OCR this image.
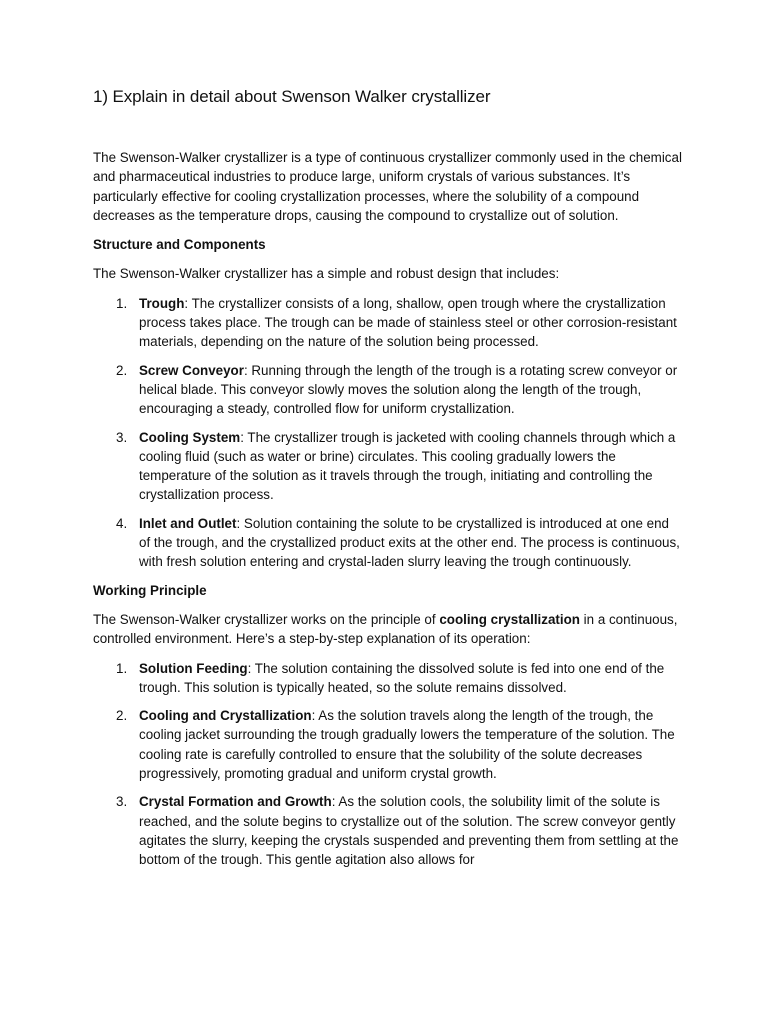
1) Explain in detail about Swenson Walker crystallizer

The Swenson-Walker crystallizer is a type of continuous crystallizer commonly used in the chemical and pharmaceutical industries to produce large, uniform crystals of various substances. It’s particularly effective for cooling crystallization processes, where the solubility of a compound decreases as the temperature drops, causing the compound to crystallize out of solution.

Structure and Components

The Swenson-Walker crystallizer has a simple and robust design that includes:

1. Trough: The crystallizer consists of a long, shallow, open trough where the crystallization process takes place. The trough can be made of stainless steel or other corrosion-resistant materials, depending on the nature of the solution being processed.
2. Screw Conveyor: Running through the length of the trough is a rotating screw conveyor or helical blade. This conveyor slowly moves the solution along the length of the trough, encouraging a steady, controlled flow for uniform crystallization.
3. Cooling System: The crystallizer trough is jacketed with cooling channels through which a cooling fluid (such as water or brine) circulates. This cooling gradually lowers the temperature of the solution as it travels through the trough, initiating and controlling the crystallization process.
4. Inlet and Outlet: Solution containing the solute to be crystallized is introduced at one end of the trough, and the crystallized product exits at the other end. The process is continuous, with fresh solution entering and crystal-laden slurry leaving the trough continuously.

Working Principle

The Swenson-Walker crystallizer works on the principle of cooling crystallization in a continuous, controlled environment. Here’s a step-by-step explanation of its operation:

1. Solution Feeding: The solution containing the dissolved solute is fed into one end of the trough. This solution is typically heated, so the solute remains dissolved.
2. Cooling and Crystallization: As the solution travels along the length of the trough, the cooling jacket surrounding the trough gradually lowers the temperature of the solution. The cooling rate is carefully controlled to ensure that the solubility of the solute decreases progressively, promoting gradual and uniform crystal growth.
3. Crystal Formation and Growth: As the solution cools, the solubility limit of the solute is reached, and the solute begins to crystallize out of the solution. The screw conveyor gently agitates the slurry, keeping the crystals suspended and preventing them from settling at the bottom of the trough. This gentle agitation also allows for
